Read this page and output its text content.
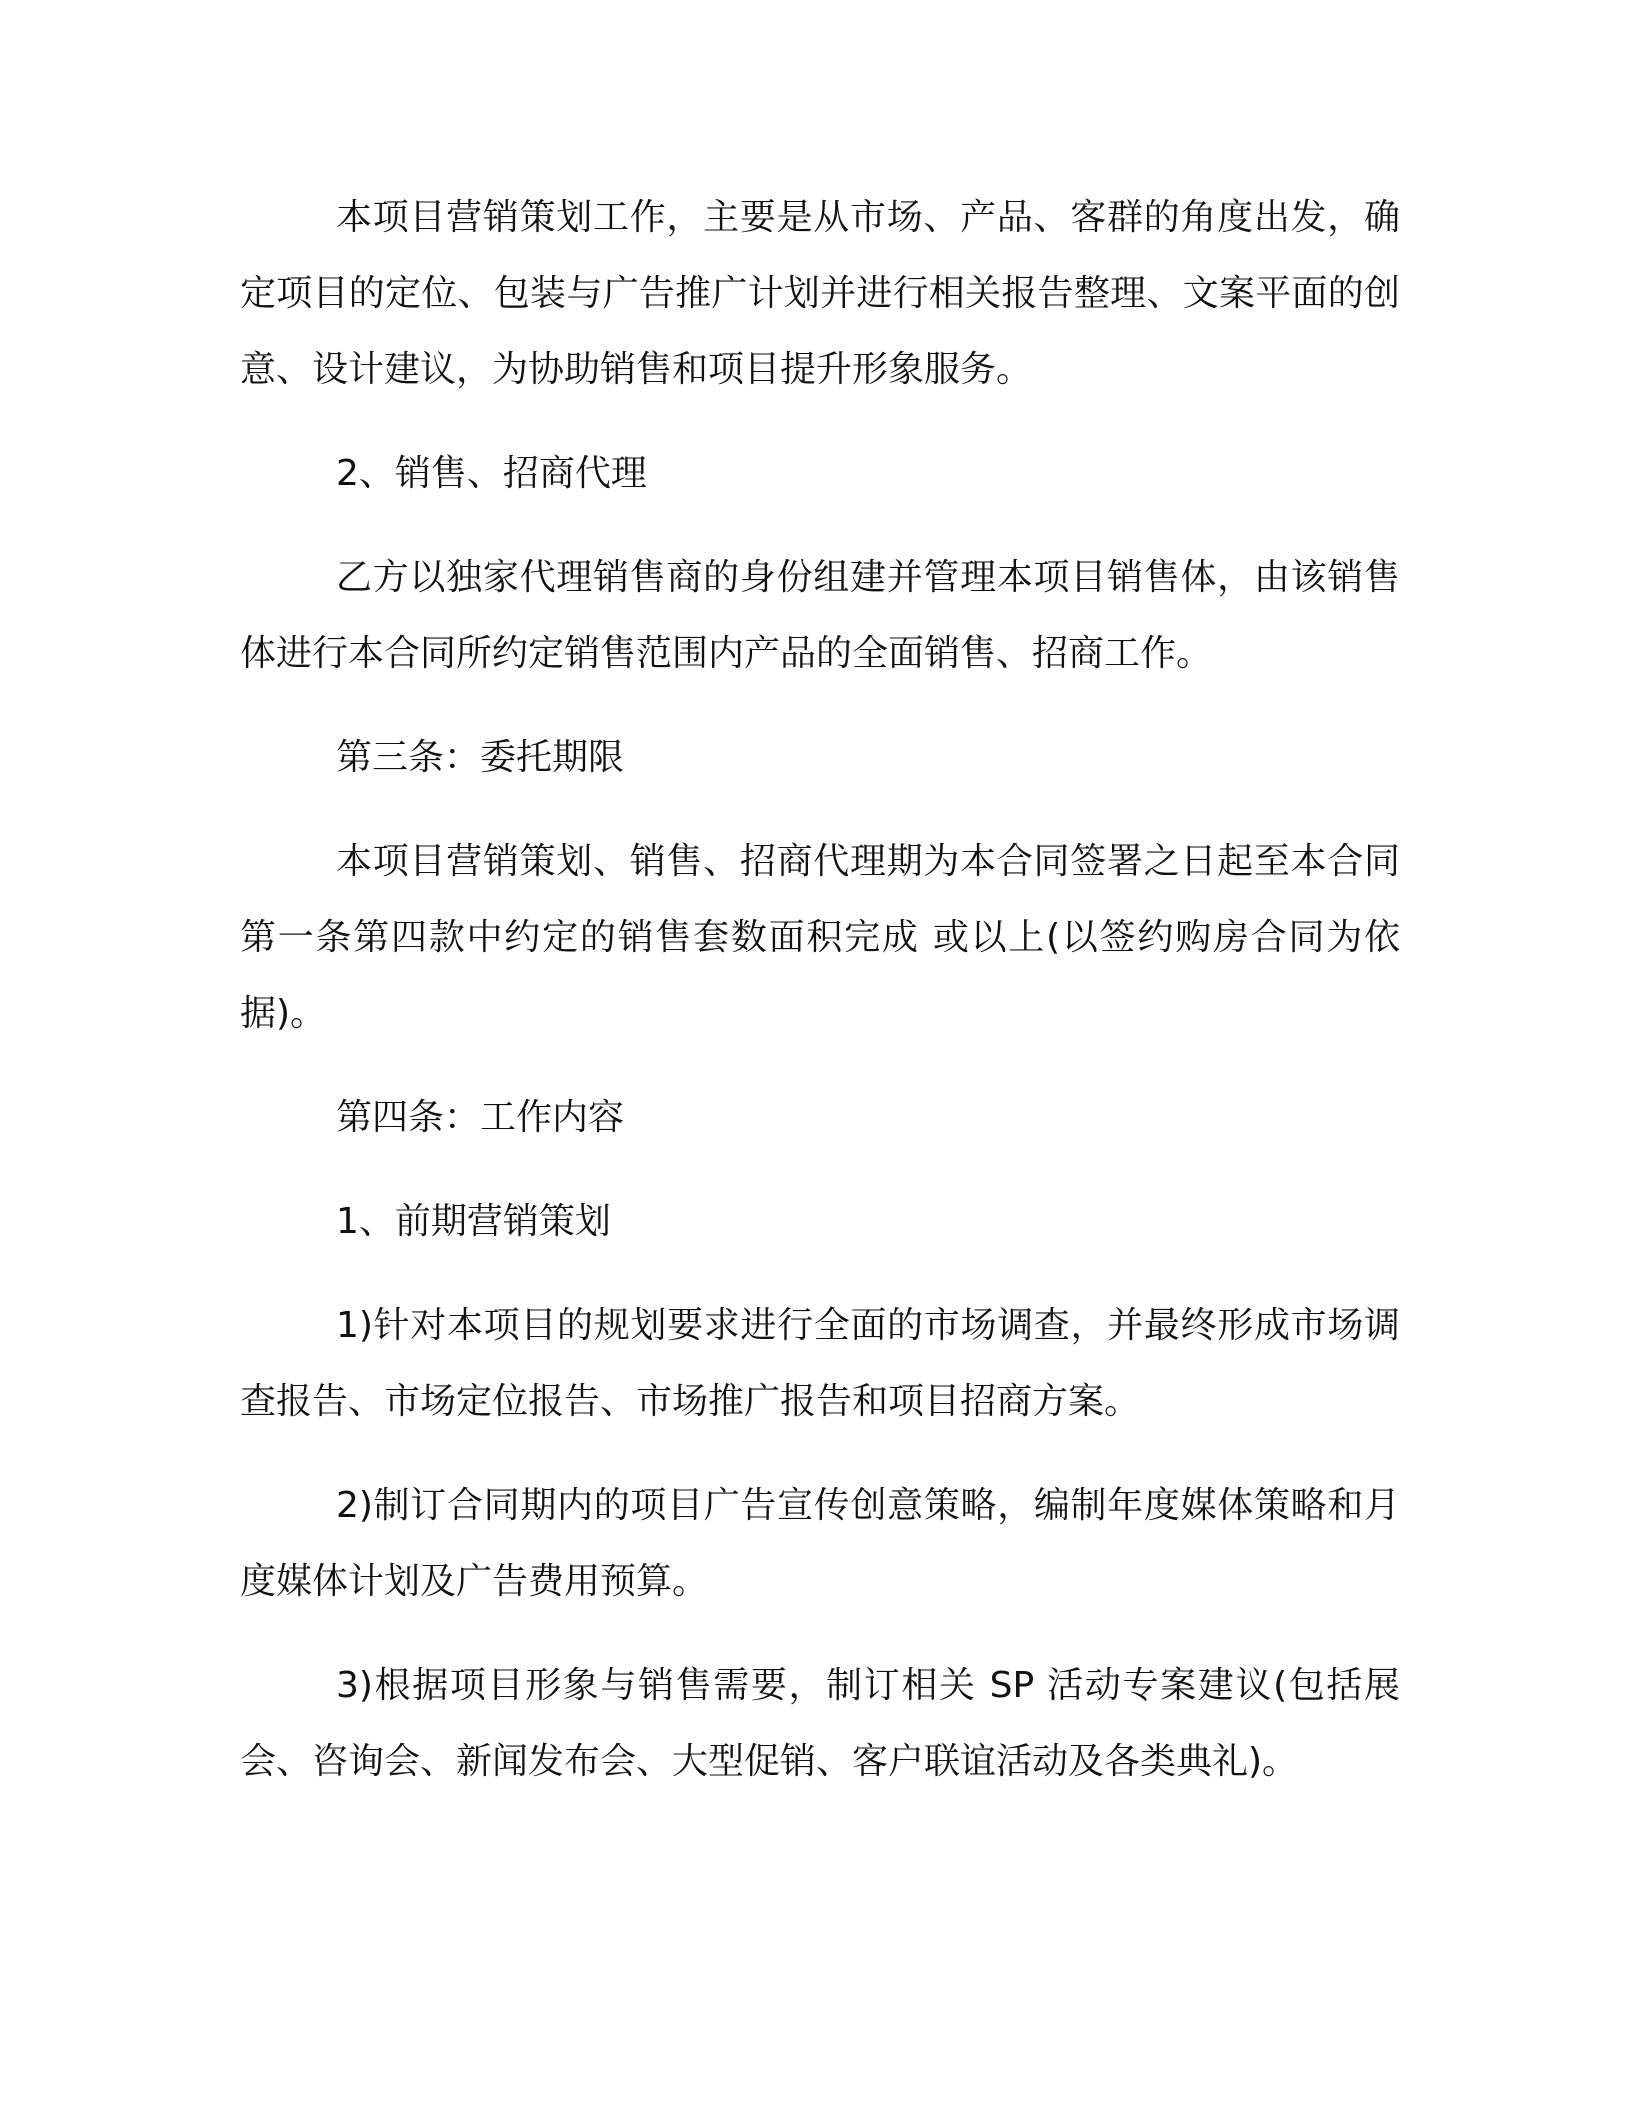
本项目营销策划工作，主要是从市场、产品、客群的角度出发，确定项目的定位、包装与广告推广计划并进行相关报告整理、文案平面的创意、设计建议，为协助销售和项目提升形象服务。

2、销售、招商代理

乙方以独家代理销售商的身份组建并管理本项目销售体，由该销售体进行本合同所约定销售范围内产品的全面销售、招商工作。

第三条：委托期限

本项目营销策划、销售、招商代理期为本合同签署之日起至本合同第一条第四款中约定的销售套数面积完成 或以上(以签约购房合同为依据)。

第四条：工作内容

1、前期营销策划

1)针对本项目的规划要求进行全面的市场调查，并最终形成市场调查报告、市场定位报告、市场推广报告和项目招商方案。

2)制订合同期内的项目广告宣传创意策略，编制年度媒体策略和月度媒体计划及广告费用预算。

3)根据项目形象与销售需要，制订相关 SP 活动专案建议(包括展会、咨询会、新闻发布会、大型促销、客户联谊活动及各类典礼)。
